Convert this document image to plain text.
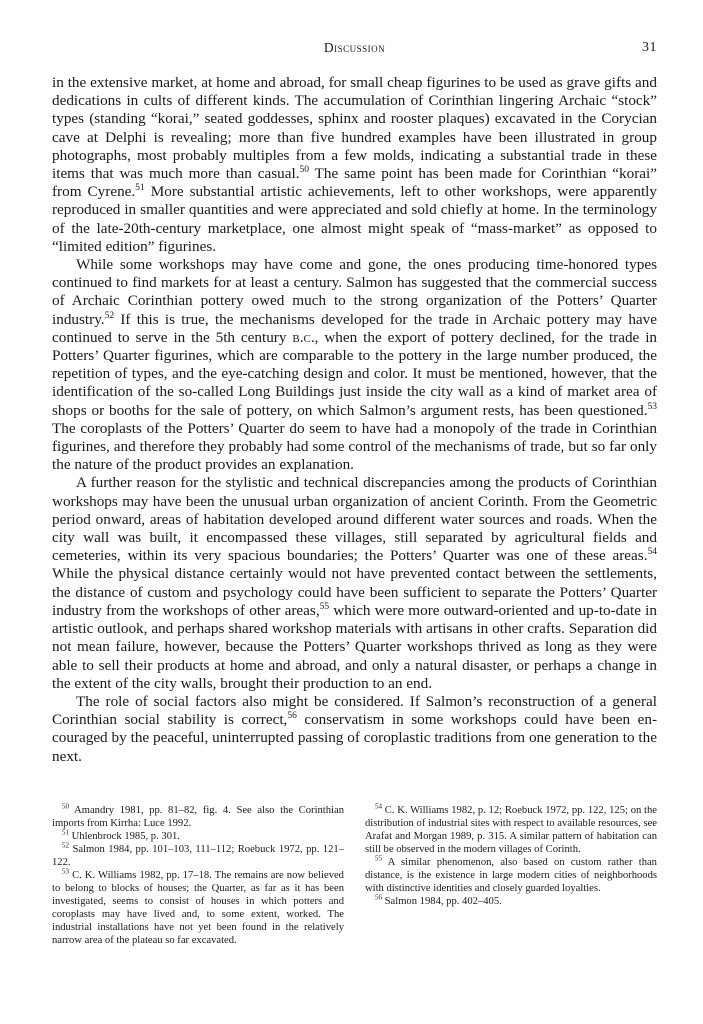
Discussion	31

in the extensive market, at home and abroad, for small cheap figurines to be used as grave gifts and dedications in cults of different kinds. The accumulation of Corinthian lingering Archaic “stock” types (standing “korai,” seated goddesses, sphinx and rooster plaques) excavated in the Corycian cave at Delphi is revealing; more than five hundred examples have been illustrated in group photographs, most probably multiples from a few molds, indicating a substantial trade in these items that was much more than casual.$^{50}$ The same point has been made for Corinthian “korai” from Cyrene.$^{51}$ More substantial artistic achievements, left to other workshops, were apparently reproduced in smaller quantities and were appreciated and sold chiefly at home. In the terminology of the late-20th-century marketplace, one almost might speak of “mass-market” as opposed to “limited edition” figurines.

While some workshops may have come and gone, the ones producing time-honored types continued to find markets for at least a century. Salmon has suggested that the commercial success of Archaic Corinthian pottery owed much to the strong organization of the Potters’ Quarter industry.$^{52}$ If this is true, the mechanisms developed for the trade in Archaic pottery may have continued to serve in the 5th century b.c., when the export of pottery declined, for the trade in Potters’ Quarter figurines, which are comparable to the pottery in the large number produced, the repetition of types, and the eye-catching design and color. It must be mentioned, however, that the identification of the so-called Long Buildings just inside the city wall as a kind of market area of shops or booths for the sale of pottery, on which Salmon’s argument rests, has been questioned.$^{53}$ The coroplasts of the Potters’ Quarter do seem to have had a monopoly of the trade in Corinthian figurines, and therefore they probably had some control of the mechanisms of trade, but so far only the nature of the product provides an explanation.

A further reason for the stylistic and technical discrepancies among the products of Corinthian workshops may have been the unusual urban organization of ancient Corinth. From the Geometric period onward, areas of habitation developed around different water sources and roads. When the city wall was built, it encompassed these villages, still separated by agricultural fields and cemeteries, within its very spacious boundaries; the Potters’ Quarter was one of these areas.$^{54}$ While the physical distance certainly would not have prevented contact between the settlements, the distance of custom and psychology could have been sufficient to separate the Potters’ Quarter industry from the workshops of other areas,$^{55}$ which were more outward-oriented and up-to-date in artistic outlook, and perhaps shared workshop materials with artisans in other crafts. Separation did not mean failure, however, because the Potters’ Quarter workshops thrived as long as they were able to sell their products at home and abroad, and only a natural disaster, or perhaps a change in the extent of the city walls, brought their production to an end.

The role of social factors also might be considered. If Salmon’s reconstruction of a general Corinthian social stability is correct,$^{56}$ conservatism in some workshops could have been encouraged by the peaceful, uninterrupted passing of coroplastic traditions from one generation to the next.

$^{50}$ Amandry 1981, pp. 81–82, fig. 4. See also the Corinthian imports from Kirrha: Luce 1992.

$^{51}$ Uhlenbrock 1985, p. 301.

$^{52}$ Salmon 1984, pp. 101–103, 111–112; Roebuck 1972, pp. 121–122.

$^{53}$ C. K. Williams 1982, pp. 17–18. The remains are now believed to belong to blocks of houses; the Quarter, as far as it has been investigated, seems to consist of houses in which potters and coroplasts may have lived and, to some extent, worked. The industrial installations have not yet been found in the relatively narrow area of the plateau so far excavated.

$^{54}$ C. K. Williams 1982, p. 12; Roebuck 1972, pp. 122, 125; on the distribution of industrial sites with respect to available resources, see Arafat and Morgan 1989, p. 315. A similar pattern of habitation can still be observed in the modern villages of Corinth.

$^{55}$ A similar phenomenon, also based on custom rather than distance, is the existence in large modern cities of neighborhoods with distinctive identities and closely guarded loyalties.

$^{56}$ Salmon 1984, pp. 402–405.
